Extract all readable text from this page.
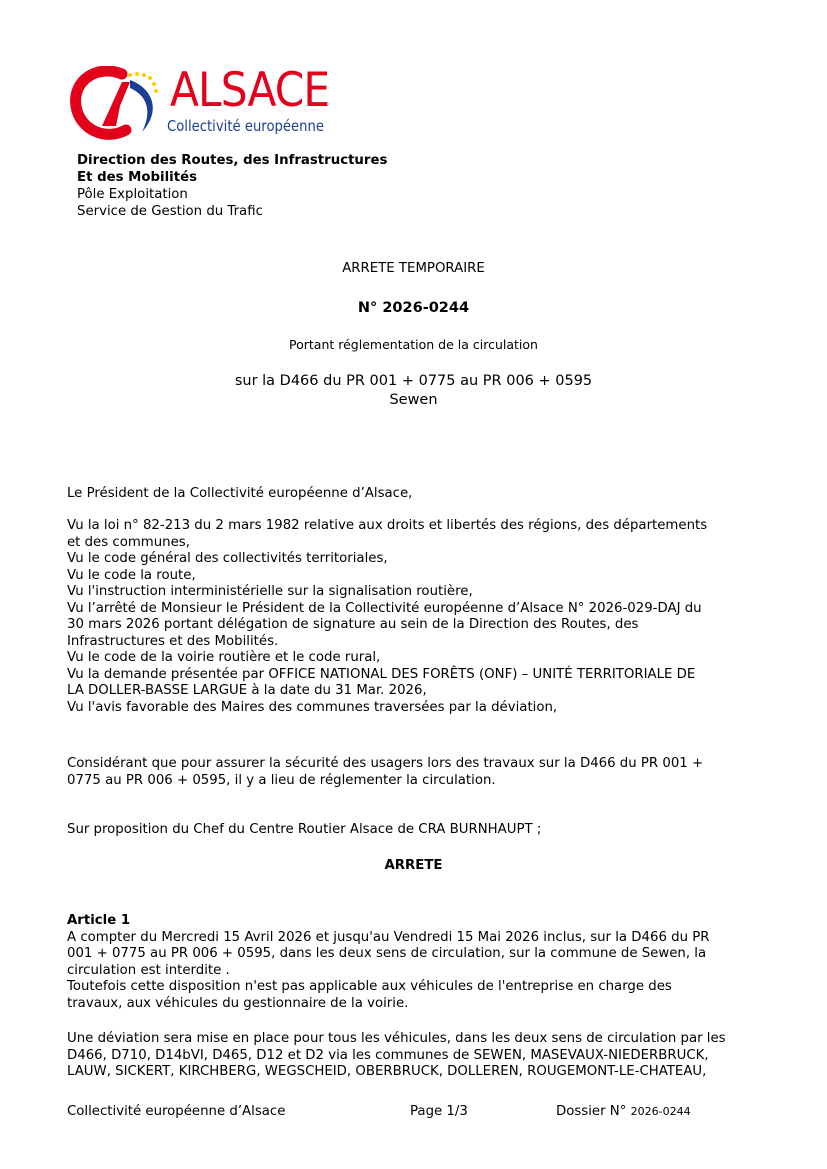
ALSACE
Collectivité européenne
Direction des Routes, des Infrastructures
Et des Mobilités
Pôle Exploitation
Service de Gestion du Trafic
ARRETE TEMPORAIRE
N° 2026-0244
Portant réglementation de la circulation
sur la D466 du PR 001 + 0775 au PR 006 + 0595
Sewen

Le Président de la Collectivité européenne d’Alsace,

Vu la loi n° 82-213 du 2 mars 1982 relative aux droits et libertés des régions, des départements

et des communes,

Vu le code général des collectivités territoriales,

Vu le code la route,

Vu l'instruction interministérielle sur la signalisation routière,

Vu l’arrêté de Monsieur le Président de la Collectivité européenne d’Alsace N° 2026-029-DAJ du

30 mars 2026 portant délégation de signature au sein de la Direction des Routes, des

Infrastructures et des Mobilités.

Vu le code de la voirie routière et le code rural,

Vu la demande présentée par OFFICE NATIONAL DES FORÊTS (ONF) – UNITÉ TERRITORIALE DE

LA DOLLER-BASSE LARGUE à la date du 31 Mar. 2026,

Vu l'avis favorable des Maires des communes traversées par la déviation,

Considérant que pour assurer la sécurité des usagers lors des travaux sur la D466 du PR 001 +

0775 au PR 006 + 0595, il y a lieu de réglementer la circulation.

Sur proposition du Chef du Centre Routier Alsace de CRA BURNHAUPT ;

ARRETE

Article 1

A compter du Mercredi 15 Avril 2026 et jusqu'au Vendredi 15 Mai 2026 inclus, sur la D466 du PR

001 + 0775 au PR 006 + 0595, dans les deux sens de circulation, sur la commune de Sewen, la

circulation est interdite .

Toutefois cette disposition n'est pas applicable aux véhicules de l'entreprise en charge des

travaux, aux véhicules du gestionnaire de la voirie.

Une déviation sera mise en place pour tous les véhicules, dans les deux sens de circulation par les

D466, D710, D14bVI, D465, D12 et D2 via les communes de SEWEN, MASEVAUX-NIEDERBRUCK,

LAUW, SICKERT, KIRCHBERG, WEGSCHEID, OBERBRUCK, DOLLEREN, ROUGEMONT-LE-CHATEAU,

Collectivité européenne d’Alsace	Page 1/3	Dossier N° 2026-0244
